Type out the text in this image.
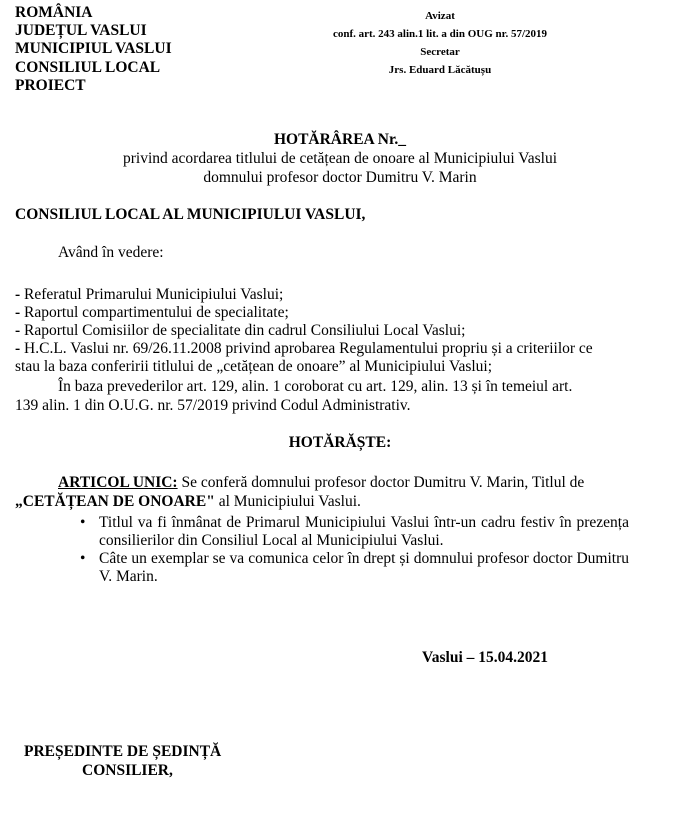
ROMÂNIA
JUDEȚUL VASLUI
MUNICIPIUL VASLUI
CONSILIUL LOCAL
PROIECT
Avizat
conf. art. 243 alin.1 lit. a din OUG nr. 57/2019
Secretar
Jrs. Eduard Lăcătușu
HOTĂRÂREA Nr._
privind acordarea titlului de cetățean de onoare al Municipiului Vaslui
domnului profesor doctor Dumitru V. Marin
CONSILIUL LOCAL AL MUNICIPIULUI VASLUI,
Având în vedere:
- Referatul Primarului Municipiului Vaslui;
- Raportul compartimentului de specialitate;
- Raportul Comisiilor de specialitate din cadrul Consiliului Local Vaslui;
- H.C.L. Vaslui nr. 69/26.11.2008 privind aprobarea Regulamentului propriu și a criteriilor ce
stau la baza conferirii titlului de „cetățean de onoare” al Municipiului Vaslui;
În baza prevederilor art. 129, alin. 1 coroborat cu art. 129, alin. 13 și în temeiul art.
139 alin. 1 din O.U.G. nr. 57/2019 privind Codul Administrativ.
HOTĂRĂȘTE:
ARTICOL UNIC: Se conferă domnului profesor doctor Dumitru V. Marin, Titlul de
„CETĂȚEAN DE ONOARE" al Municipiului Vaslui.
• Titlul va fi înmânat de Primarul Municipiului Vaslui într-un cadru festiv în prezența consilierilor din Consiliul Local al Municipiului Vaslui.
• Câte un exemplar se va comunica celor în drept și domnului profesor doctor Dumitru V. Marin.
Vaslui – 15.04.2021
PREȘEDINTE DE ȘEDINȚĂ
CONSILIER,
